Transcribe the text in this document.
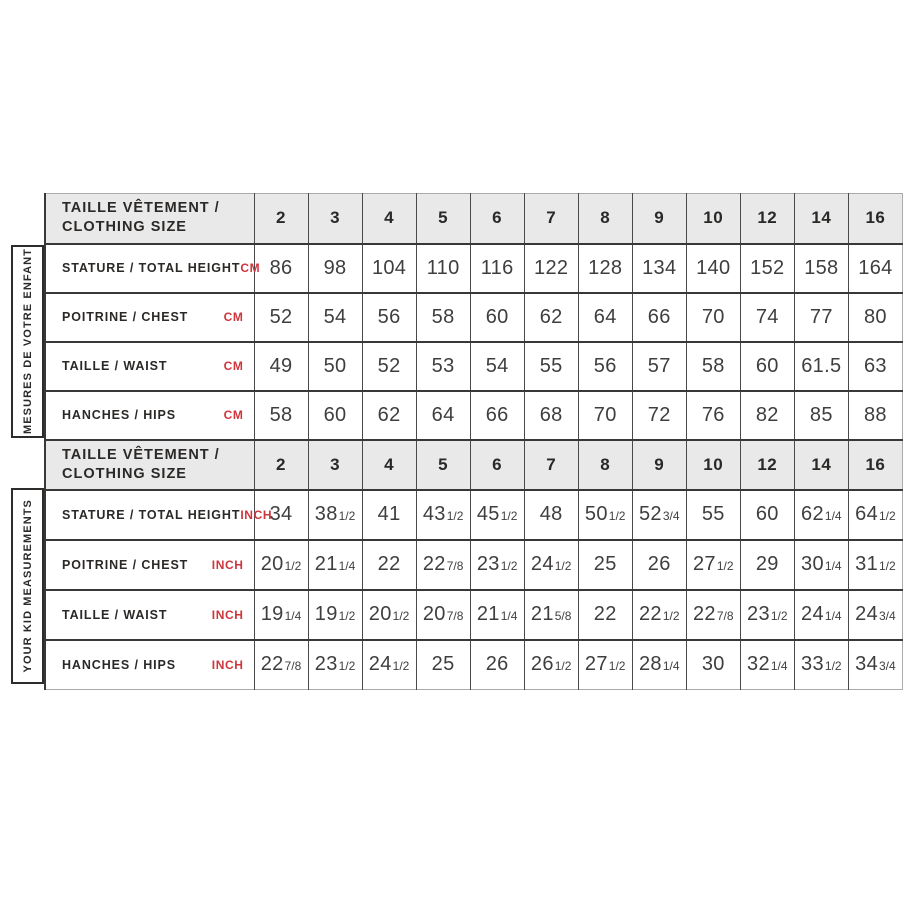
MESURES DE VOTRE ENFANT
YOUR KID MEASUREMENTS
TAILLE VÊTEMENT /
CLOTHING SIZE	2	3	4	5	6	7	8	9	10	12	14	16

STATURE / TOTAL HEIGHT CM	86	98	104	110	116	122	128	134	140	152	158	164

POITRINE / CHEST CM	52	54	56	58	60	62	64	66	70	74	77	80

TAILLE / WAIST CM	49	50	52	53	54	55	56	57	58	60	61.5	63

HANCHES / HIPS CM	58	60	62	64	66	68	70	72	76	82	85	88

TAILLE VÊTEMENT /
CLOTHING SIZE	2	3	4	5	6	7	8	9	10	12	14	16

STATURE / TOTAL HEIGHT INCH	34	381/2	41	431/2	451/2	48	501/2	523/4	55	60	621/4	641/2

POITRINE / CHEST INCH	201/2	211/4	22	227/8	231/2	241/2	25	26	271/2	29	301/4	311/2

TAILLE / WAIST INCH	191/4	191/2	201/2	207/8	211/4	215/8	22	221/2	227/8	231/2	241/4	243/4

HANCHES / HIPS INCH	227/8	231/2	241/2	25	26	261/2	271/2	281/4	30	321/4	331/2	343/4
